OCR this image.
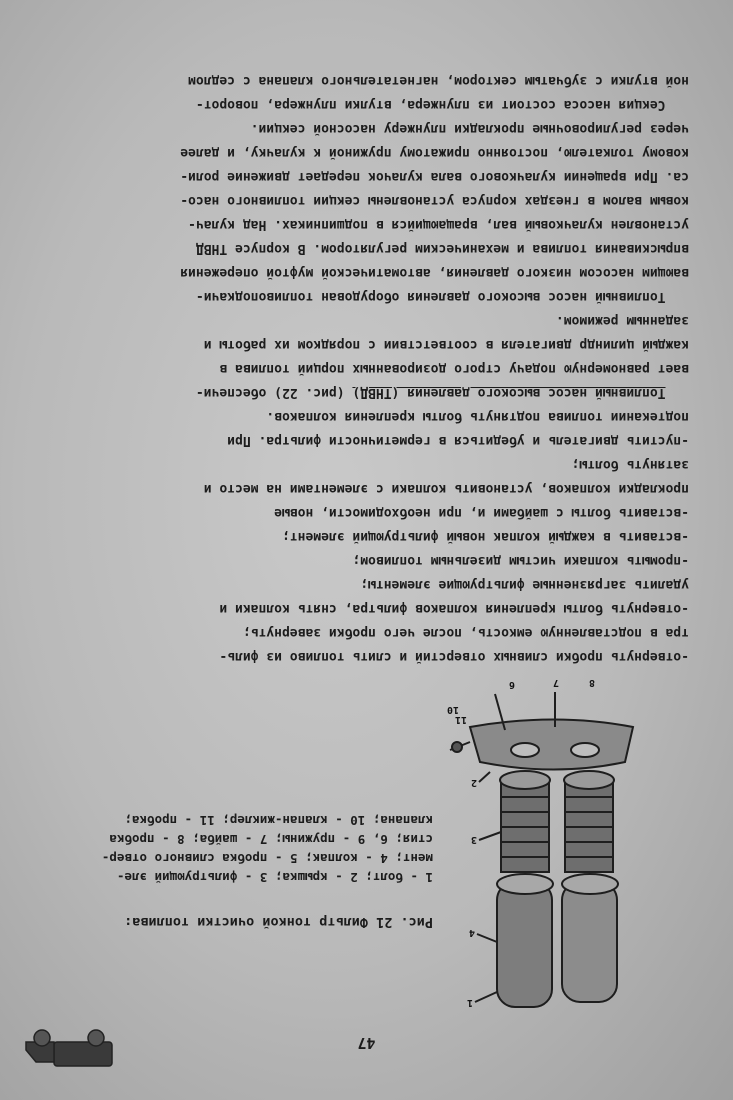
1
4
3
2
11
10
6	7	8

Рис. 21 Фильтр тонкой очистки топлива:

1 - болт; 2 - крышка; 3 - фильтрующий эле-
мент; 4 - колпак; 5 - пробка сливного отвер-
стия; 6, 9 - пружины; 7 - шайба; 8 - пробка
клапана; 10 - клапан-жиклер; 11 - пробка;

-отвернуть пробки сливных отверстий и слить топливо из филь-

тра в подставленную емкость, после чего пробки завернуть;

-отвернуть болты крепления колпаков фильтра, снять колпаки и

удалить загрязненные фильтрующие элементы;

-промыть колпаки чистым дизельным топливом;

-вставить в каждый колпак новый фильтрующий элемент;

-вставить болты с шайбами и, при необходимости, новые

прокладки колпаков, установить колпаки с элементами на место и

затянуть болты;

-пустить двигатель и убедиться в герметичности фильтра. При

подтекании топлива подтянуть болты крепления колпаков.

Топливный насос высокого давления (ТНВД) (рис. 22) обеспечи-

вает равномерную подачу строго дозированных порций топлива в

каждый цилиндр двигателя в соответствии с порядком их работы и

заданным режимом.

Топливный насос высокого давления оборудован топливоподкачи-

вающим насосом низкого давления, автоматической муфтой опережения

впрыскивания топлива и механическим регулятором. В корпусе ТНВД

установлен кулачковый вал, вращающийся в подшипниках. Над кулач-

ковым валом в гнездах корпуса установлены секции топливного насо-

са. При вращении кулачкового вала кулачок передает движение роли-

ковому толкателю, постоянно прижатому пружиной к кулачку, и далее

через регулировочные прокладки плунжеру насосной секции.

Секция насоса состоит из плунжера, втулки плунжера, поворот-

ной втулки с зубчатым сектором, нагнетательного клапана с седлом

47
